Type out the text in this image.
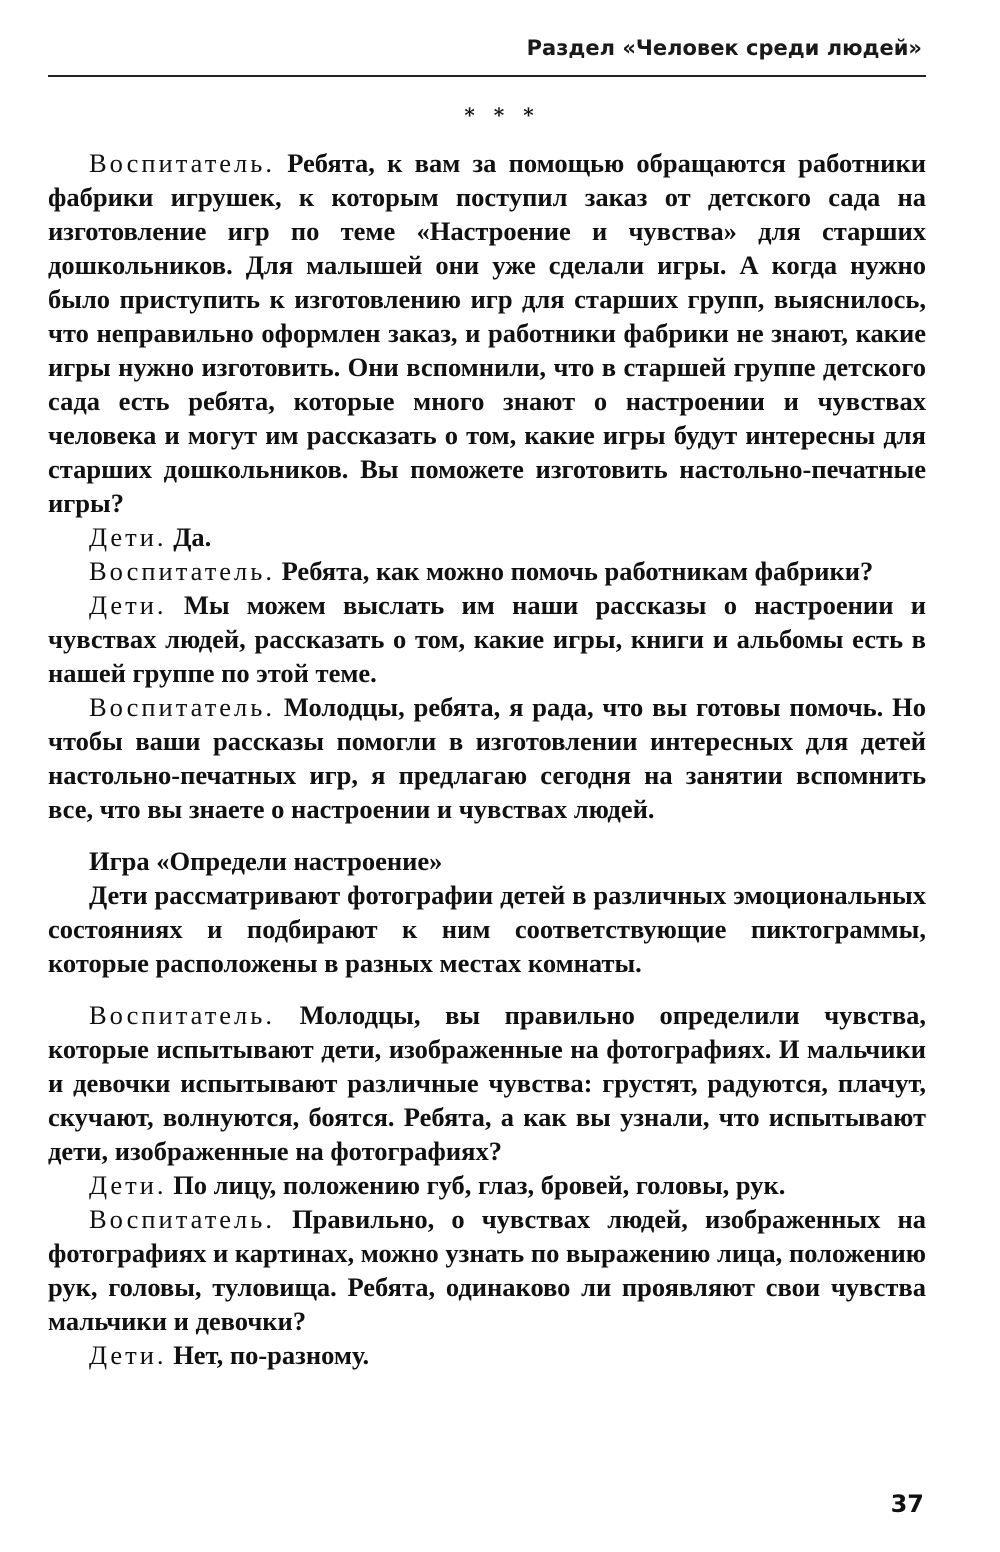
Раздел «Человек среди людей»
* * *

Воспитатель. Ребята, к вам за помощью обращаются работники фабрики игрушек, к которым поступил заказ от детского сада на изготовление игр по теме «Настроение и чувства» для старших дошкольников. Для малышей они уже сделали игры. А когда нужно было приступить к изготовлению игр для старших групп, выяснилось, что неправильно оформлен заказ, и работники фабрики не знают, какие игры нужно изготовить. Они вспомнили, что в старшей группе детского сада есть ребята, которые много знают о настроении и чувствах человека и могут им рассказать о том, какие игры будут интересны для старших дошкольников. Вы поможете изготовить настольно-печатные игры?

Дети. Да.

Воспитатель. Ребята, как можно помочь работникам фабрики?

Дети. Мы можем выслать им наши рассказы о настроении и чувствах людей, рассказать о том, какие игры, книги и альбомы есть в нашей группе по этой теме.

Воспитатель. Молодцы, ребята, я рада, что вы готовы помочь. Но чтобы ваши рассказы помогли в изготовлении интересных для детей настольно-печатных игр, я предлагаю сегодня на занятии вспомнить все, что вы знаете о настроении и чувствах людей.

Игра «Определи настроение»

Дети рассматривают фотографии детей в различных эмоциональных состояниях и подбирают к ним соответствующие пиктограммы, которые расположены в разных местах комнаты.

Воспитатель. Молодцы, вы правильно определили чувства, которые испытывают дети, изображенные на фотографиях. И мальчики и девочки испытывают различные чувства: грустят, радуются, плачут, скучают, волнуются, боятся. Ребята, а как вы узнали, что испытывают дети, изображенные на фотографиях?

Дети. По лицу, положению губ, глаз, бровей, головы, рук.

Воспитатель. Правильно, о чувствах людей, изображенных на фотографиях и картинах, можно узнать по выражению лица, положению рук, головы, туловища. Ребята, одинаково ли проявляют свои чувства мальчики и девочки?

Дети. Нет, по-разному.

37
